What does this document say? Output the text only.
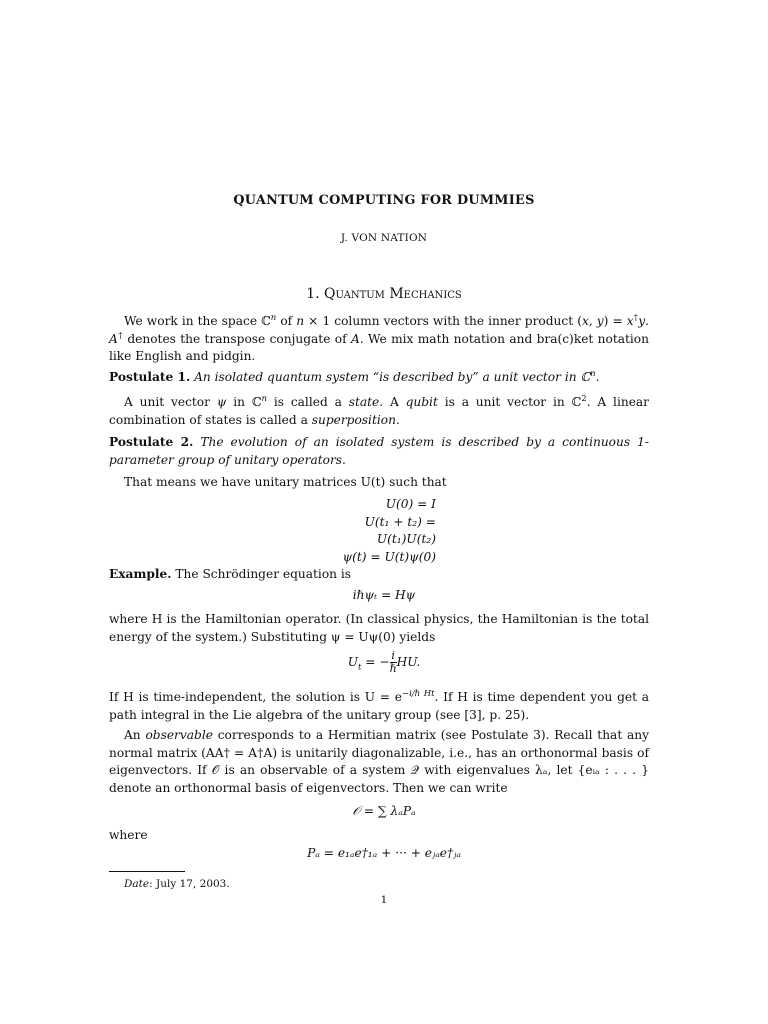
QUANTUM COMPUTING FOR DUMMIES
J. VON NATION
1. Quantum Mechanics

We work in the space ℂ$^n$ of n × 1 column vectors with the inner product (x, y) = x†y. A† denotes the transpose conjugate of A. We mix math notation and bra(c)ket notation like English and pidgin.

Postulate 1. An isolated quantum system “is described by” a unit vector in ℂ$^n$.

A unit vector ψ in ℂ$^n$ is called a state. A qubit is a unit vector in ℂ$^2$. A linear combination of states is called a superposition.

Postulate 2. The evolution of an isolated system is described by a continuous 1-parameter group of unitary operators.

That means we have unitary matrices U(t) such that

U(0) = I
U(t₁ + t₂) = U(t₁)U(t₂)
ψ(t) = U(t)ψ(0)

Example. The Schrödinger equation is

iℏψₜ = Hψ

where H is the Hamiltonian operator. (In classical physics, the Hamiltonian is the total energy of the system.) Substituting ψ = Uψ(0) yields

$U_t$ = − $\frac{i}{\text{ℏ}}$ HU.

If H is time-independent, the solution is $U = e^{-i/\hbar Ht}$. If H is time dependent you get a path integral in the Lie algebra of the unitary group (see [3], p. 25).

An observable corresponds to a Hermitian matrix (see Postulate 3). Recall that any normal matrix (AA† = A†A) is unitarily diagonalizable, i.e., has an orthonormal basis of eigenvectors. If 𝒪 is an observable of a system 𝒬 with eigenvalues λₐ, let {eᵢₐ : . . . } denote an orthonormal basis of eigenvectors. Then we can write

𝒪 = ∑ λₐPₐ

where

Pₐ = e₁ₐe†₁ₐ + ··· + eⱼₐe†ⱼₐ
Date: July 17, 2003.
1
